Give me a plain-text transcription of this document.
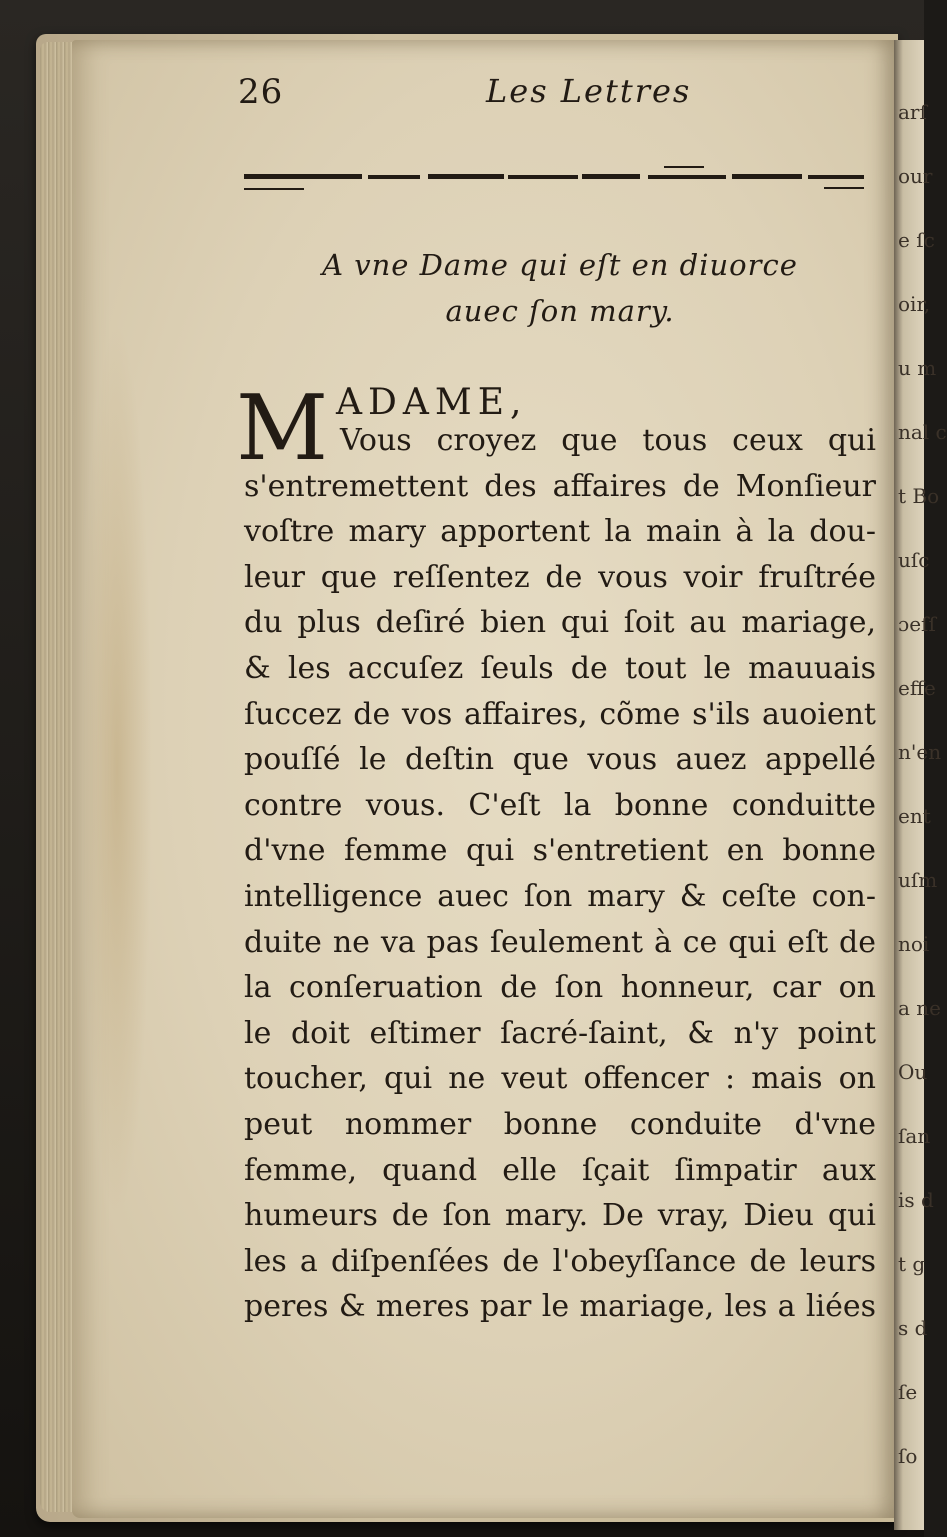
arſ
our
e ſc
oir,
u m
nal c
t Bo
uſc
ɔeſſ
effe
n'en
ent
uſm
noi
a ne
Ou
ſan
is d
t g
s d
ſe
ſo
26	Les Lettres
A vne Dame qui eſt en diuorce
auec ſon mary.
M ADAME,
Vous croyez que tous ceux qui
s'entremettent des affaires de Monſieur
voſtre mary apportent la main à la dou-
leur que reſſentez de vous voir fruſtrée
du plus deſiré bien qui ſoit au mariage,
& les accuſez ſeuls de tout le mauuais
ſuccez de vos affaires, cõme s'ils auoient
pouſſé le deſtin que vous auez appellé
contre vous. C'eſt la bonne conduitte
d'vne femme qui s'entretient en bonne
intelligence auec ſon mary & ceſte con-
duite ne va pas ſeulement à ce qui eſt de
la conſeruation de ſon honneur, car on
le doit eſtimer ſacré-ſaint, & n'y point
toucher, qui ne veut offencer : mais on
peut nommer bonne conduite d'vne
femme, quand elle ſçait ſimpatir aux
humeurs de ſon mary. De vray, Dieu qui
les a diſpenſées de l'obeyſſance de leurs
peres & meres par le mariage, les a liées
